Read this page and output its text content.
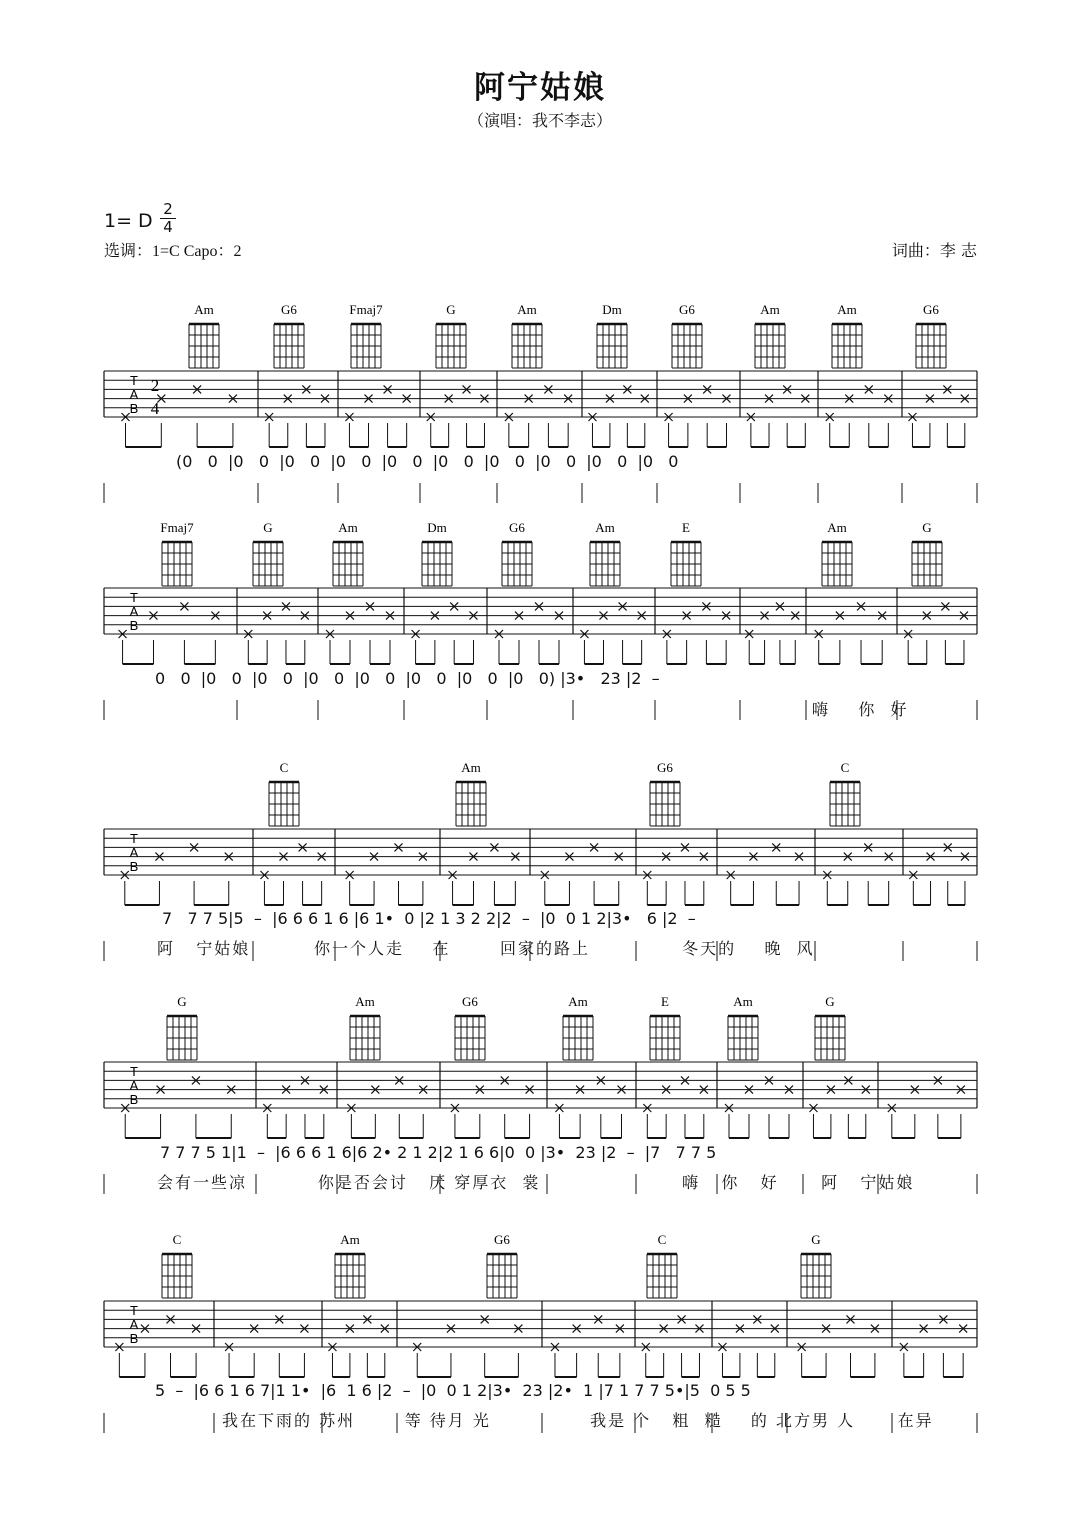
阿宁姑娘
（演唱：我不李志）
1= D
2
4
选调：1=C Capo：2	词曲：李 志
Am	G6	Fmaj7	G	Am	Dm	G6	Am	Am	G6
T
A
B
Fmaj7	G	Am	Dm	G6	Am	E	Am	G
T
A
B
C	Am	G6	C
T
A
B
G	Am	G6	Am	E	Am	G
T
A
B
C	Am	G6	C	G
T
A
B
2
4
(0   0  |0   0  |0   0  |0   0  |0   0  |0   0  |0   0  |0   0  |0   0  |0   0
0   0  |0   0  |0   0  |0   0  |0   0  |0   0  |0   0  |0   0) |3•   23 |2  –
嗨    你  好
7   7 7 5|5  –  |6 6 6 1 6 |6 1•  0 |2 1 3 2 2|2  –  |0  0 1 2|3•   6 |2  –
阿   宁姑娘         你一个人走    在       回家的路上             冬天的    晚  风
7 7 7 5 1|1  –  |6 6 6 1 6|6 2• 2 1 2|2 1 6 6|0  0 |3•  23 |2  –  |7   7 7 5
会有一些凉          你是否会讨   厌 穿厚衣  裳                    嗨   你   好      阿   宁姑娘
5  –  |6 6 1 6 7|1 1•  |6  1 6 |2  –  |0  0 1 2|3•  23 |2•  1 |7 1 7 7 5•|5  0 5 5
我在下雨的 苏州       等 待月 光              我是 个   粗  糙    的 北方男 人      在异
